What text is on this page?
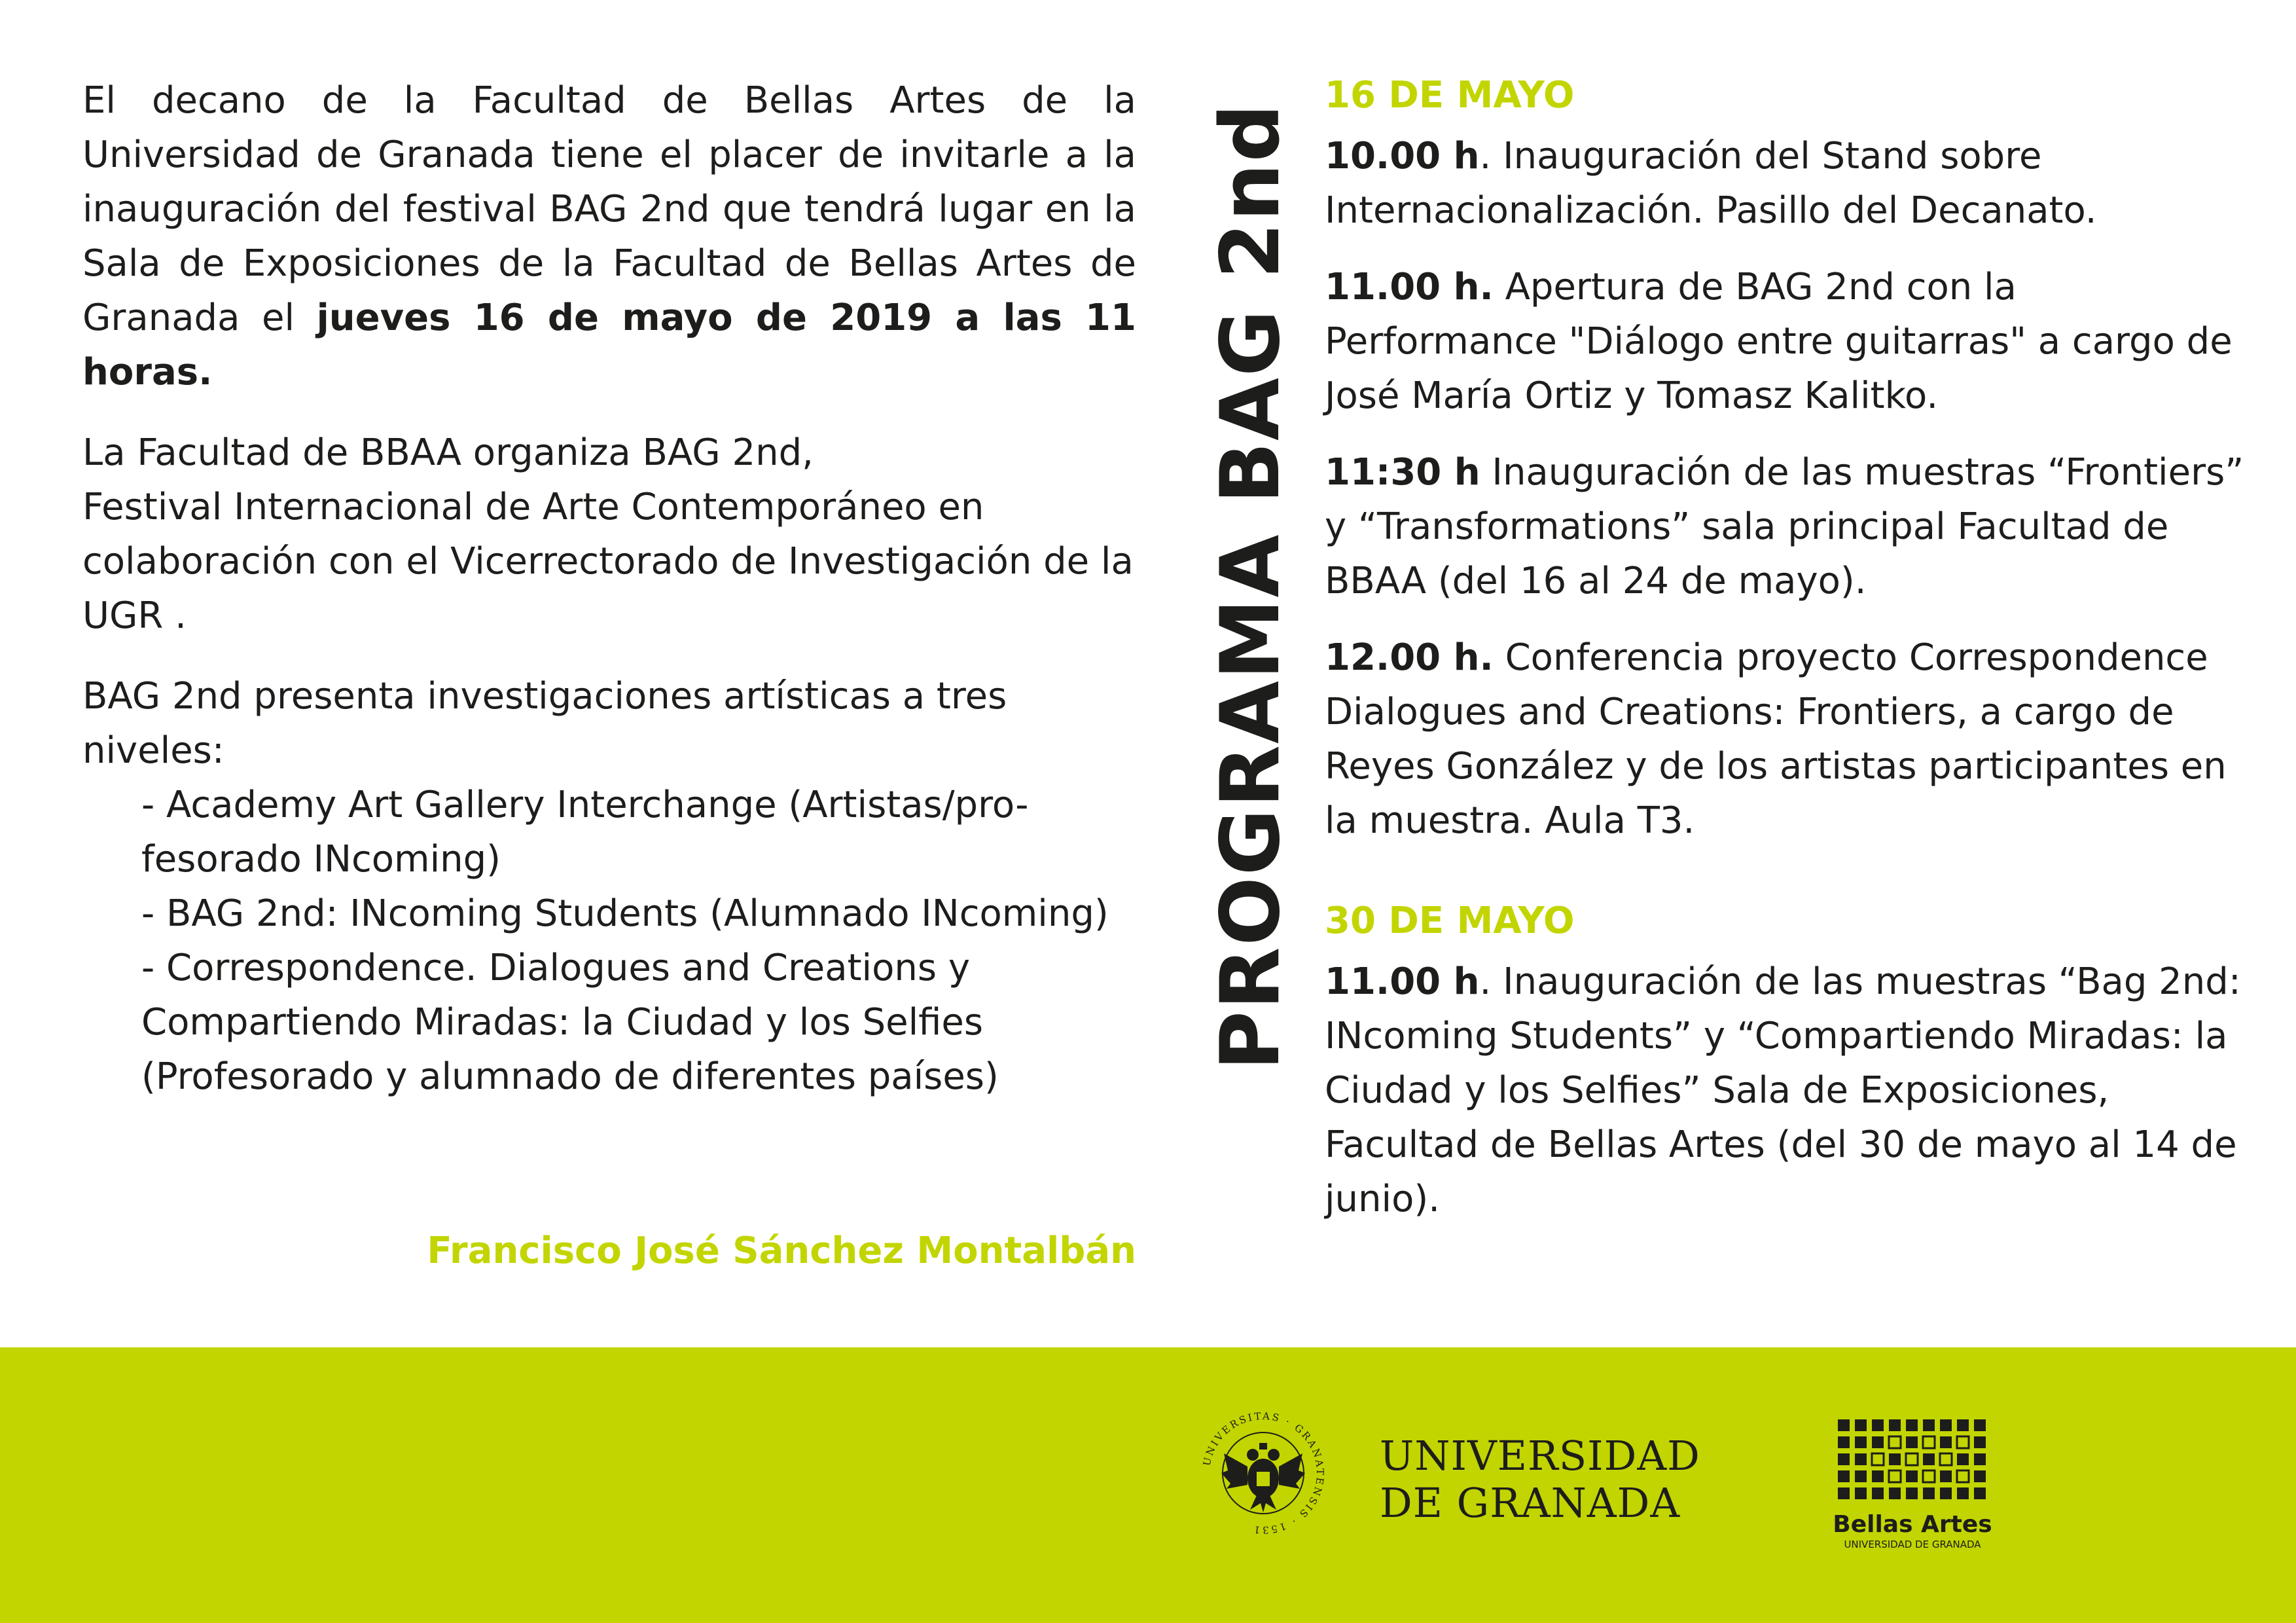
El decano de la Facultad de Bellas Artes de la Universidad de Granada tiene el placer de invitarle a la inauguración del festival BAG 2nd que tendrá lugar en la Sala de Exposiciones de la Facultad de Bellas Artes de Granada el jueves 16 de mayo de 2019 a las 11 horas.

La Facultad de BBAA organiza BAG 2nd,
Festival Internacional de Arte Contemporáneo en colaboración con el Vicerrectorado de Investigación de la UGR .

BAG 2nd presenta investigaciones artísticas a tres niveles:
- Academy Art Gallery Interchange (Artistas/pro-fesorado INcoming)
- BAG 2nd: INcoming Students (Alumnado INcoming)
- Correspondence. Dialogues and Creations y Compartiendo Miradas: la Ciudad y los Selfies (Profesorado y alumnado de diferentes países)
Francisco José Sánchez Montalbán
PROGRAMA BAG 2nd
16 DE MAYO
10.00 h. Inauguración del Stand sobre Internacionalización. Pasillo del Decanato.
11.00 h. Apertura de BAG 2nd con la Performance "Diálogo entre guitarras" a cargo de José María Ortiz y Tomasz Kalitko.
11:30 h Inauguración de las muestras “Frontiers” y “Transformations” sala principal Facultad de BBAA (del 16 al 24 de mayo).
12.00 h. Conferencia proyecto Correspondence Dialogues and Creations: Frontiers, a cargo de Reyes González y de los artistas participantes en la muestra. Aula T3.
30 DE MAYO
11.00 h. Inauguración de las muestras “Bag 2nd: INcoming Students” y “Compartiendo Miradas: la Ciudad y los Selfies” Sala de Exposiciones, Facultad de Bellas Artes (del 30 de mayo al 14 de junio).
UNIVERSITAS · GRANATENSIS · 1531
UNIVERSIDAD
DE GRANADA	Bellas Artes
UNIVERSIDAD DE GRANADA
